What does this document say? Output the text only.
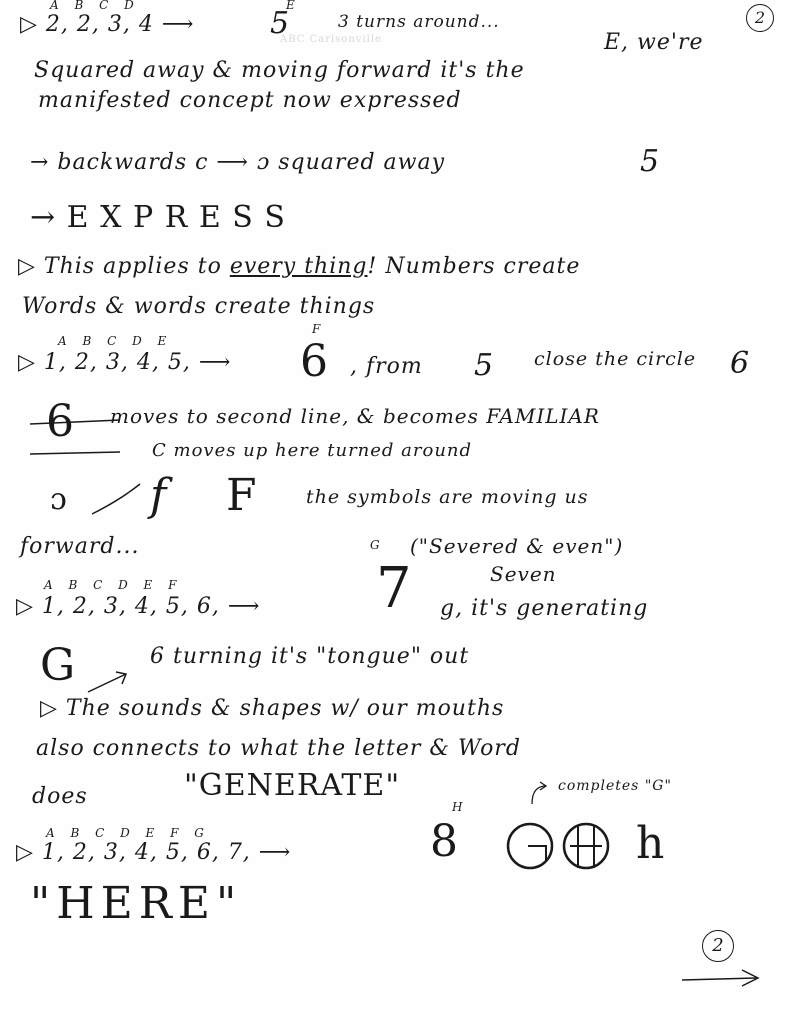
2
ABC Carlsonville
A B C D	E
▷ 2, 2, 3, 4 ⟶	5	3 turns around...
E, we're
Squared away & moving forward it's the
manifested concept now expressed
→ backwards c ⟶ ɔ squared away	5
→ E X P R E S S
▷ This applies to every thing! Numbers create
Words & words create things
A B C D E
F
▷ 1, 2, 3, 4, 5, ⟶ 6 , from 5 close the circle 6
6 moves to second line, & becomes FAMILIAR
C moves up here turned around
ɔ f F	the symbols are moving us
forward...	G ("Severed & even")
Seven
A B C D E F
▷ 1, 2, 3, 4, 5, 6, ⟶ 7 g, it's generating
G	6 turning it's "tongue" out
▷ The sounds & shapes w/ our mouths
also connects to what the letter & Word
does	"GENERATE"	completes "G"
A B C D E F G
▷ 1, 2, 3, 4, 5, 6, 7, ⟶	8
H
h
"HERE"
2
